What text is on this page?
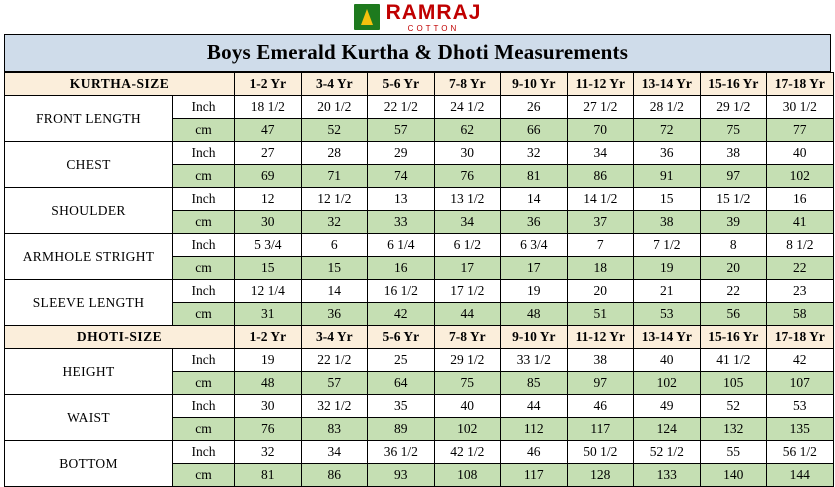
RAMRAJ
COTTON
Boys Emerald Kurtha & Dhoti Measurements
KURTHA-SIZE		1-2 Yr	3-4 Yr	5-6 Yr	7-8 Yr	9-10 Yr	11-12 Yr	13-14 Yr	15-16 Yr	17-18 Yr
FRONT LENGTH	Inch	18 1/2	20 1/2	22 1/2	24 1/2	26	27 1/2	28 1/2	29 1/2	30 1/2
	cm	47	52	57	62	66	70	72	75	77
CHEST	Inch	27	28	29	30	32	34	36	38	40
	cm	69	71	74	76	81	86	91	97	102
SHOULDER	Inch	12	12 1/2	13	13 1/2	14	14 1/2	15	15 1/2	16
	cm	30	32	33	34	36	37	38	39	41
ARMHOLE STRIGHT	Inch	5 3/4	6	6 1/4	6 1/2	6 3/4	7	7 1/2	8	8 1/2
	cm	15	15	16	17	17	18	19	20	22
SLEEVE LENGTH	Inch	12 1/4	14	16 1/2	17 1/2	19	20	21	22	23
	cm	31	36	42	44	48	51	53	56	58
DHOTI-SIZE		1-2 Yr	3-4 Yr	5-6 Yr	7-8 Yr	9-10 Yr	11-12 Yr	13-14 Yr	15-16 Yr	17-18 Yr
HEIGHT	Inch	19	22 1/2	25	29 1/2	33 1/2	38	40	41 1/2	42
	cm	48	57	64	75	85	97	102	105	107
WAIST	Inch	30	32 1/2	35	40	44	46	49	52	53
	cm	76	83	89	102	112	117	124	132	135
BOTTOM	Inch	32	34	36 1/2	42 1/2	46	50 1/2	52 1/2	55	56 1/2
	cm	81	86	93	108	117	128	133	140	144
